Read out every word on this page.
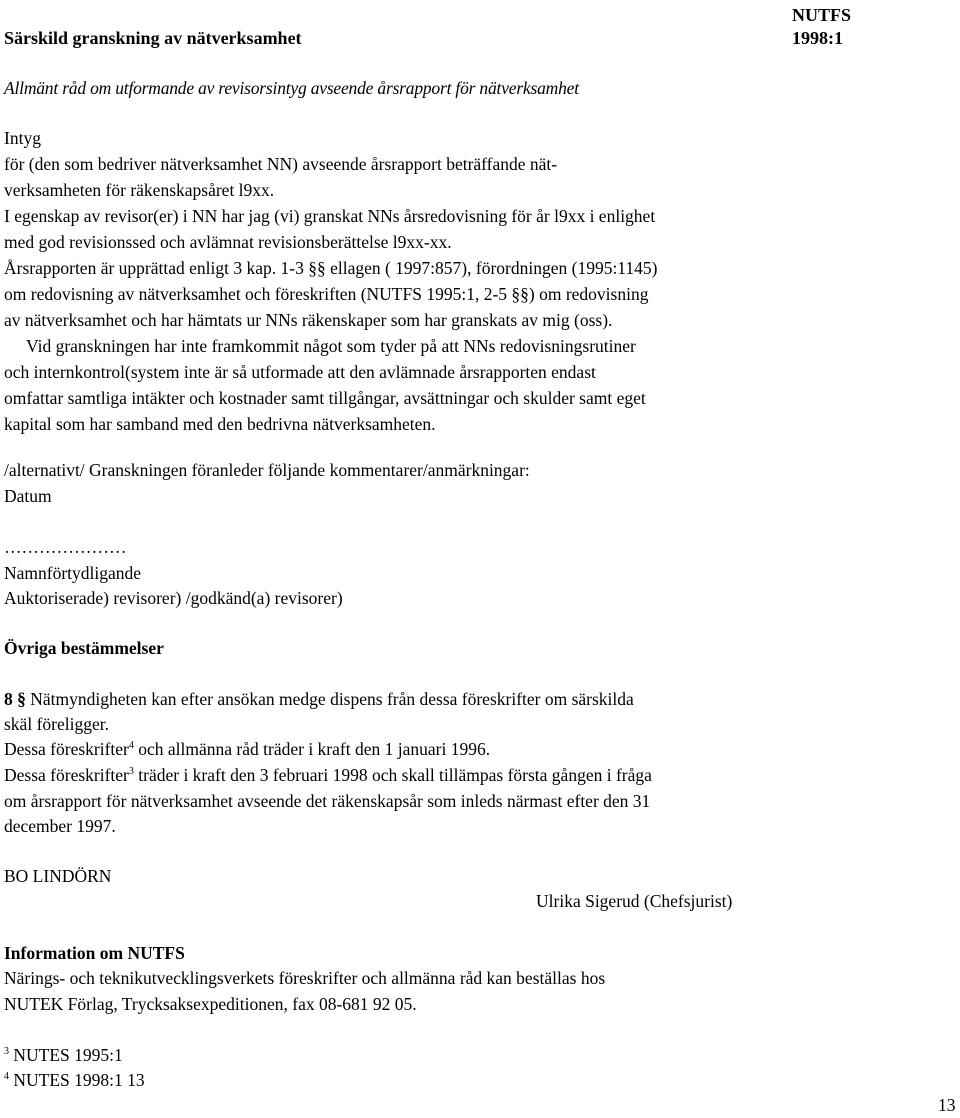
Särskild granskning av nätverksamhet
NUTFS
1998:1
Allmänt råd om utformande av revisorsintyg avseende årsrapport för nätverksamhet
Intyg
för (den som bedriver nätverksamhet NN) avseende årsrapport beträffande nät-
verksamheten för räkenskapsåret l9xx.
I egenskap av revisor(er) i NN har jag (vi) granskat NNs årsredovisning för år l9xx i enlighet
med god revisionssed och avlämnat revisionsberättelse l9xx-xx.
Årsrapporten är upprättad enligt 3 kap. 1-3 §§ ellagen ( 1997:857), förordningen (1995:1145)
om redovisning av nätverksamhet och föreskriften (NUTFS 1995:1, 2-5 §§) om redovisning
av nätverksamhet och har hämtats ur NNs räkenskaper som har granskats av mig (oss).
Vid granskningen har inte framkommit något som tyder på att NNs redovisningsrutiner
och internkontrol(system inte är så utformade att den avlämnade årsrapporten endast
omfattar samtliga intäkter och kostnader samt tillgångar, avsättningar och skulder samt eget
kapital som har samband med den bedrivna nätverksamheten.
/alternativt/ Granskningen föranleder följande kommentarer/anmärkningar:
Datum
…………………
Namnförtydligande
Auktoriserade) revisorer) /godkänd(a) revisorer)
Övriga bestämmelser
8 § Nätmyndigheten kan efter ansökan medge dispens från dessa föreskrifter om särskilda
skäl föreligger.
Dessa föreskrifter$^4$ och allmänna råd träder i kraft den 1 januari 1996.
Dessa föreskrifter$^3$ träder i kraft den 3 februari 1998 och skall tillämpas första gången i fråga
om årsrapport för nätverksamhet avseende det räkenskapsår som inleds närmast efter den 31
december 1997.
BO LINDÖRN
Ulrika Sigerud (Chefsjurist)
Information om NUTFS
Närings- och teknikutvecklingsverkets föreskrifter och allmänna råd kan beställas hos
NUTEK Förlag, Trycksaksexpeditionen, fax 08-681 92 05.
$^3$ NUTES 1995:1
$^4$ NUTES 1998:1 13
13
